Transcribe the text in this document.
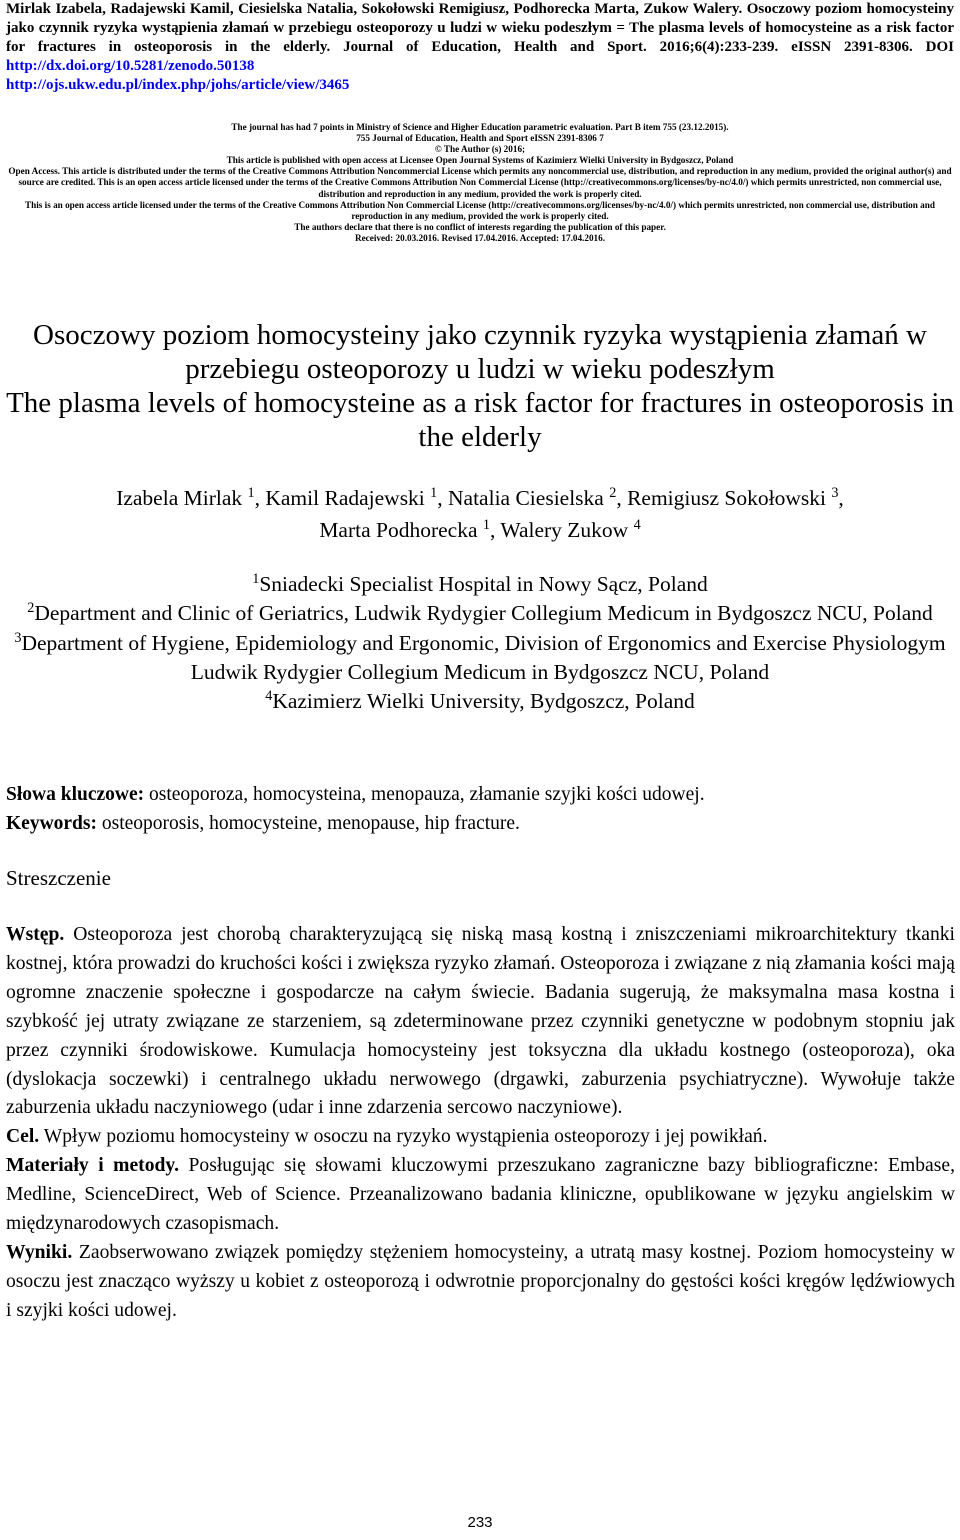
Mirlak Izabela, Radajewski Kamil, Ciesielska Natalia, Sokołowski Remigiusz, Podhorecka Marta, Zukow Walery. Osoczowy poziom homocysteiny jako czynnik ryzyka wystąpienia złamań w przebiegu osteoporozy u ludzi w wieku podeszłym = The plasma levels of homocysteine as a risk factor for fractures in osteoporosis in the elderly. Journal of Education, Health and Sport. 2016;6(4):233-239. eISSN 2391-8306. DOI http://dx.doi.org/10.5281/zenodo.50138
http://ojs.ukw.edu.pl/index.php/johs/article/view/3465

The journal has had 7 points in Ministry of Science and Higher Education parametric evaluation. Part B item 755 (23.12.2015).

755 Journal of Education, Health and Sport eISSN 2391-8306 7

© The Author (s) 2016;

This article is published with open access at Licensee Open Journal Systems of Kazimierz Wielki University in Bydgoszcz, Poland

Open Access. This article is distributed under the terms of the Creative Commons Attribution Noncommercial License which permits any noncommercial use, distribution, and reproduction in any medium, provided the original author(s) and source are credited. This is an open access article licensed under the terms of the Creative Commons Attribution Non Commercial License (http://creativecommons.org/licenses/by-nc/4.0/) which permits unrestricted, non commercial use, distribution and reproduction in any medium, provided the work is properly cited.

This is an open access article licensed under the terms of the Creative Commons Attribution Non Commercial License (http://creativecommons.org/licenses/by-nc/4.0/) which permits unrestricted, non commercial use, distribution and reproduction in any medium, provided the work is properly cited.

The authors declare that there is no conflict of interests regarding the publication of this paper.

Received: 20.03.2016. Revised 17.04.2016. Accepted: 17.04.2016.

Osoczowy poziom homocysteiny jako czynnik ryzyka wystąpienia złamań w przebiegu osteoporozy u ludzi w wieku podeszłym

The plasma levels of homocysteine as a risk factor for fractures in osteoporosis in the elderly

Izabela Mirlak $^1$, Kamil Radajewski $^1$, Natalia Ciesielska $^2$, Remigiusz Sokołowski $^3$,

Marta Podhorecka $^1$, Walery Zukow $^4$

$^1$Sniadecki Specialist Hospital in Nowy Sącz, Poland

$^2$Department and Clinic of Geriatrics, Ludwik Rydygier Collegium Medicum in Bydgoszcz NCU, Poland

$^3$Department of Hygiene, Epidemiology and Ergonomic, Division of Ergonomics and Exercise Physiologym Ludwik Rydygier Collegium Medicum in Bydgoszcz NCU, Poland

$^4$Kazimierz Wielki University, Bydgoszcz, Poland

Słowa kluczowe: osteoporoza, homocysteina, menopauza, złamanie szyjki kości udowej.

Keywords: osteoporosis, homocysteine, menopause, hip fracture.

Streszczenie

Wstęp. Osteoporoza jest chorobą charakteryzującą się niską masą kostną i zniszczeniami mikroarchitektury tkanki kostnej, która prowadzi do kruchości kości i zwiększa ryzyko złamań. Osteoporoza i związane z nią złamania kości mają ogromne znaczenie społeczne i gospodarcze na całym świecie. Badania sugerują, że maksymalna masa kostna i szybkość jej utraty związane ze starzeniem, są zdeterminowane przez czynniki genetyczne w podobnym stopniu jak przez czynniki środowiskowe. Kumulacja homocysteiny jest toksyczna dla układu kostnego (osteoporoza), oka (dyslokacja soczewki) i centralnego układu nerwowego (drgawki, zaburzenia psychiatryczne). Wywołuje także zaburzenia układu naczyniowego (udar i inne zdarzenia sercowo naczyniowe).

Cel. Wpływ poziomu homocysteiny w osoczu na ryzyko wystąpienia osteoporozy i jej powikłań.

Materiały i metody. Posługując się słowami kluczowymi przeszukano zagraniczne bazy bibliograficzne: Embase, Medline, ScienceDirect, Web of Science. Przeanalizowano badania kliniczne, opublikowane w języku angielskim w międzynarodowych czasopismach.

Wyniki. Zaobserwowano związek pomiędzy stężeniem homocysteiny, a utratą masy kostnej. Poziom homocysteiny w osoczu jest znacząco wyższy u kobiet z osteoporozą i odwrotnie proporcjonalny do gęstości kości kręgów lędźwiowych i szyjki kości udowej.

233
